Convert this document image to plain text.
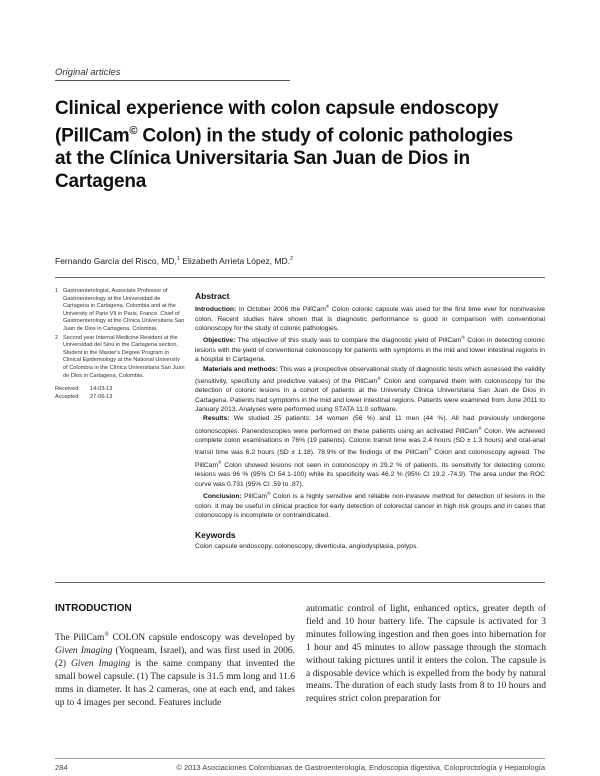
Original articles
Clinical experience with colon capsule endoscopy
(PillCam© Colon) in the study of colonic pathologies
at the Clínica Universitaria San Juan de Dios in
Cartagena
Fernando García del Risco, MD,$^1$ Elizabeth Arrieta López, MD.$^2$
1 Gastroenterologist, Associate Professor of Gastroenterology at the Universidad de Cartagena in Cartagena, Colombia and at the University of Paris VII in Paris, France. Chief of Gastroenterology at the Clínica Universitaria San Juan de Dios in Cartagena, Colombia.
2 Second year Internal Medicine Resident at the Universidad del Sinú in the Cartagena section, Student in the Master's Degree Program in Clinical Epidemiology at the National University of Colombia in the Clínica Universitaria San Juan de Dios in Cartagena, Colombia.
Received:	14-03-13
Accepted:	27-06-13
Abstract

Introduction: In October 2006 the PillCam® Colon colonic capsule was used for the first time ever for noninvasive colon. Recent studies have shown that is diagnostic performance is good in comparison with conventional colonoscopy for the study of colonic pathologies.

Objective: The objective of this study was to compare the diagnostic yield of PillCam® Colon in detecting colonic lesions with the yield of conventional colonoscopy for patients with symptoms in the mid and lower intestinal regions in a hospital in Cartagena.

Materials and methods: This was a prospective observational study of diagnostic tests which assessed the validity (sensitivity, specificity and predictive values) of the PillCam® Colon and compared them with colonoscopy for the detection of colonic lesions in a cohort of patients at the University Clinica Universitaria San Juan de Dios in Cartagena. Patients had symptoms in the mid and lower intestinal regions. Patients were examined from June 2011 to January 2013. Analyses were performed using STATA 11.0 software.

Results: We studied 25 patients: 14 women (56 %) and 11 men (44 %). All had previously undergone colonoscopies. Panendoscopies were performed on these patients using an activated PillCam® Colon. We achieved complete colon examinations in 76% (19 patients). Colonic transit time was 2.4 hours (SD ± 1.3 hours) and oral-anal transit time was 6.2 hours (SD ± 1.18). 78.9% of the findings of the PillCam® Colon and colonoscopy agreed. The PillCam® Colon showed lesions not seen in colonoscopy in 29.2 % of patients. Its sensitivity for detecting colonic lesions was 96 % (95% CI 54.1-100) while its specificity was 46.2 % (95% CI 19.2 -74.9). The area under the ROC curve was 0.731 (95% CI .59 to .87).

Conclusion: PillCam® Colon is a highly sensitive and reliable non-invasive method for detection of lesions in the colon. It may be useful in clinical practice for early detection of colorectal cancer in high risk groups and in cases that colonoscopy is incomplete or contraindicated.

Keywords
Colon capsule endoscopy, colonoscopy, diverticula, angiodysplasia, polyps.
INTRODUCTION

The PillCam® COLON capsule endoscopy was developed by Given Imaging (Yoqneam, Israel), and was first used in 2006. (2) Given Imaging is the same company that invented the small bowel capsule. (1) The capsule is 31.5 mm long and 11.6 mms in diameter. It has 2 cameras, one at each end, and takes up to 4 images per second. Features include

automatic control of light, enhanced optics, greater depth of field and 10 hour battery life. The capsule is activated for 3 minutes following ingestion and then goes into hibernation for 1 hour and 45 minutes to allow passage through the stomach without taking pictures until it enters the colon. The capsule is a disposable device which is expelled from the body by natural means. The duration of each study lasts from 8 to 10 hours and requires strict colon preparation for

284	© 2013 Asociaciones Colombianas de Gastroenterología, Endoscopia digestiva, Coloproctología y Hepatología
